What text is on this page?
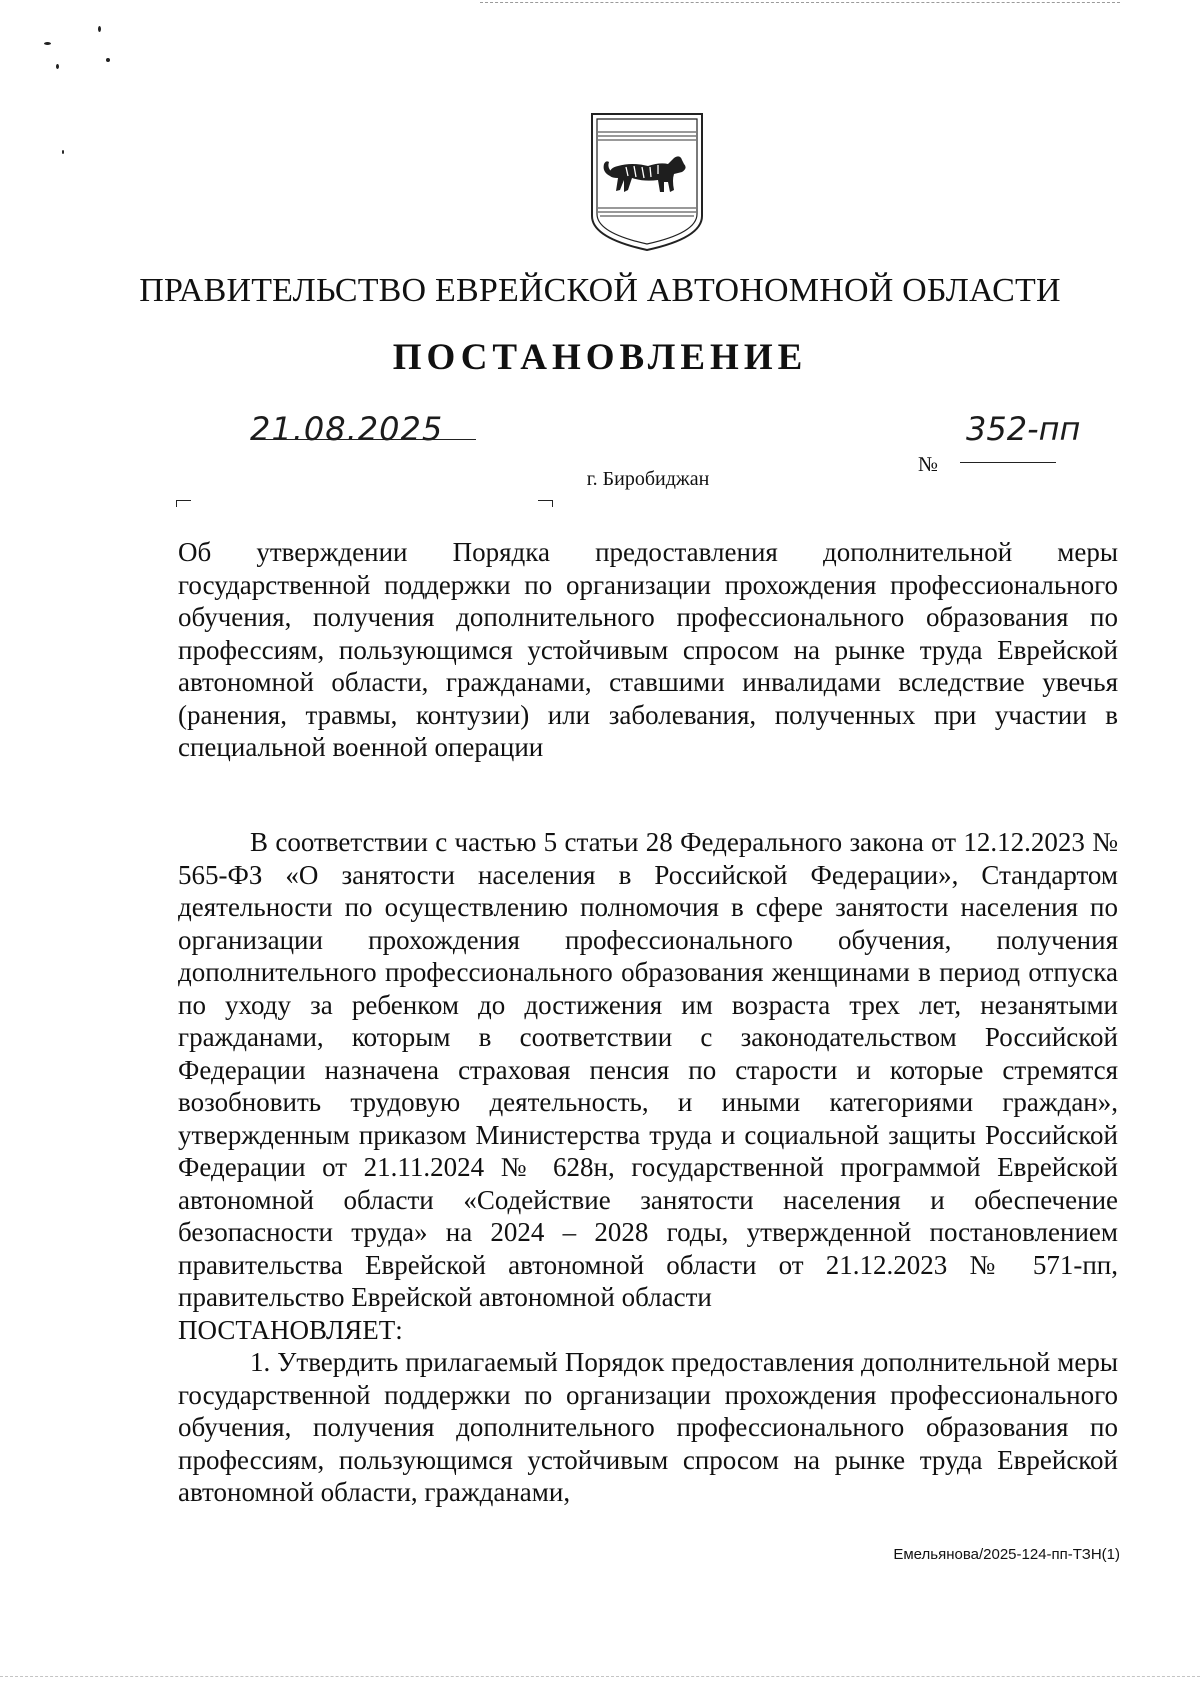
ПРАВИТЕЛЬСТВО ЕВРЕЙСКОЙ АВТОНОМНОЙ ОБЛАСТИ
ПОСТАНОВЛЕНИЕ
21.08.2025
№
352-пп
г. Биробиджан
Об утверждении Порядка предоставления дополнительной меры государственной поддержки по организации прохождения профессионального обучения, получения дополнительного профессионального образования по профессиям, пользующимся устойчивым спросом на рынке труда Еврейской автономной области, гражданами, ставшими инвалидами вследствие увечья (ранения, травмы, контузии) или заболевания, полученных при участии в специальной военной операции

В соответствии с частью 5 статьи 28 Федерального закона от 12.12.2023 № 565-ФЗ «О занятости населения в Российской Федерации», Стандартом деятельности по осуществлению полномочия в сфере занятости населения по организации прохождения профессионального обучения, получения дополнительного профессионального образования женщинами в период отпуска по уходу за ребенком до достижения им возраста трех лет, незанятыми гражданами, которым в соответствии с законодательством Российской Федерации назначена страховая пенсия по старости и которые стремятся возобновить трудовую деятельность, и иными категориями граждан», утвержденным приказом Министерства труда и социальной защиты Российской Федерации от 21.11.2024 № 628н, государственной программой Еврейской автономной области «Содействие занятости населения и обеспечение безопасности труда» на 2024 – 2028 годы, утвержденной постановлением правительства Еврейской автономной области от 21.12.2023 № 571-пп, правительство Еврейской автономной области

ПОСТАНОВЛЯЕТ:

1. Утвердить прилагаемый Порядок предоставления дополнительной меры государственной поддержки по организации прохождения профессионального обучения, получения дополнительного профессионального образования по профессиям, пользующимся устойчивым спросом на рынке труда Еврейской автономной области, гражданами,

Емельянова/2025-124-пп-ТЗН(1)
